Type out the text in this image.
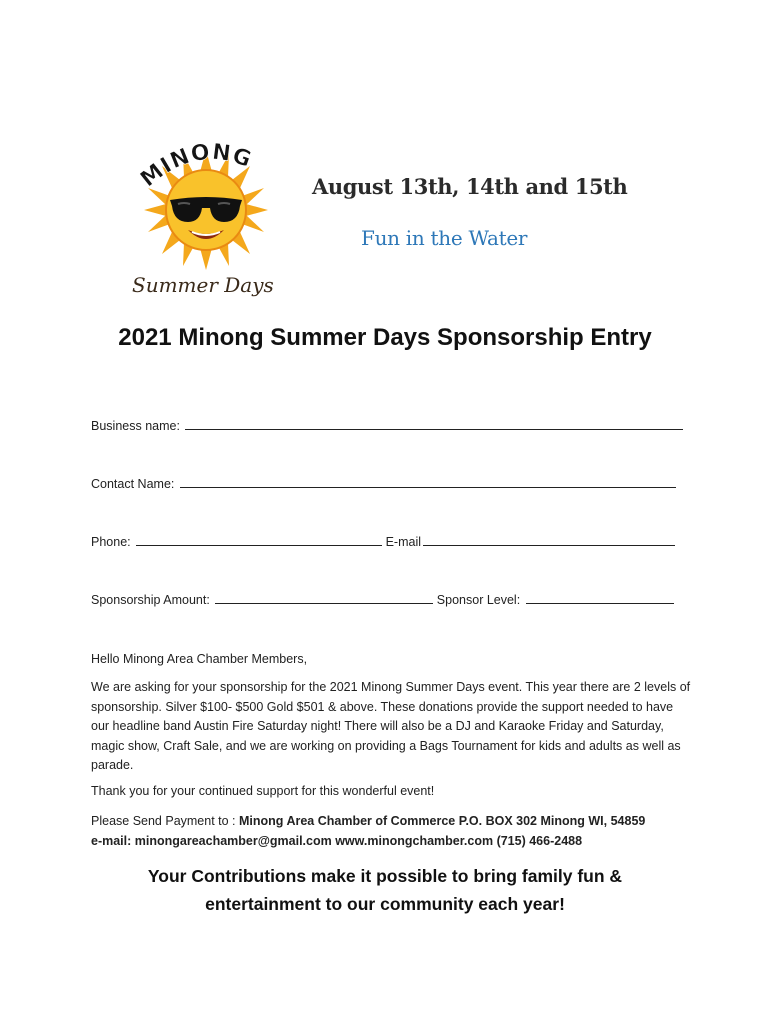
MINONG
Summer Days
August 13th, 14th and 15th
Fun in the Water
2021 Minong Summer Days Sponsorship Entry
Business name:
Contact Name:
Phone:	E-mail
Sponsorship Amount:	Sponsor Level:
Hello Minong Area Chamber Members,

We are asking for your sponsorship for the 2021 Minong Summer Days event. This year there are 2 levels of sponsorship. Silver $100- $500 Gold $501 & above. These donations provide the support needed to have our headline band Austin Fire Saturday night! There will also be a DJ and Karaoke Friday and Saturday, magic show, Craft Sale, and we are working on providing a Bags Tournament for kids and adults as well as parade.

Thank you for your continued support for this wonderful event!
Please Send Payment to : Minong Area Chamber of Commerce P.O. BOX 302 Minong WI, 54859
e-mail: minongareachamber@gmail.com www.minongchamber.com (715) 466-2488
Your Contributions make it possible to bring family fun &
entertainment to our community each year!
